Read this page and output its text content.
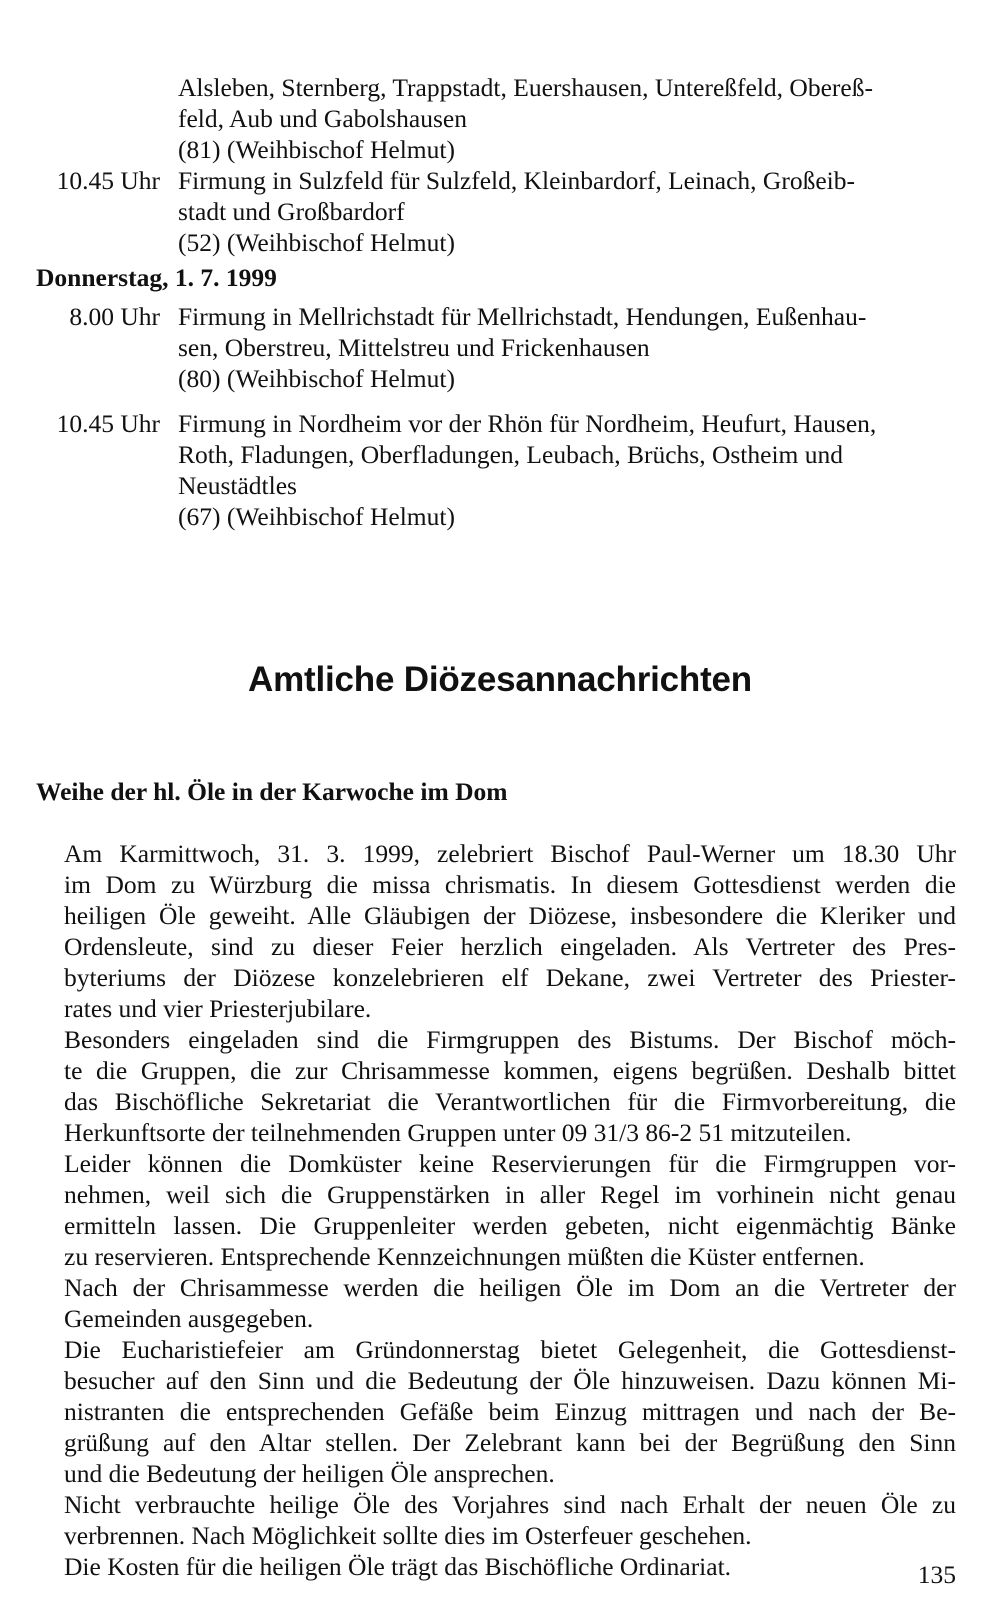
Alsleben, Sternberg, Trappstadt, Euershausen, Untereßfeld, Obereß-
feld, Aub und Gabolshausen
(81) (Weihbischof Helmut)
10.45 Uhr Firmung in Sulzfeld für Sulzfeld, Kleinbardorf, Leinach, Großeib-
stadt und Großbardorf
(52) (Weihbischof Helmut)
Donnerstag, 1. 7. 1999
8.00 Uhr Firmung in Mellrichstadt für Mellrichstadt, Hendungen, Eußenhau-
sen, Oberstreu, Mittelstreu und Frickenhausen
(80) (Weihbischof Helmut)
10.45 Uhr Firmung in Nordheim vor der Rhön für Nordheim, Heufurt, Hausen,
Roth, Fladungen, Oberfladungen, Leubach, Brüchs, Ostheim und
Neustädtles
(67) (Weihbischof Helmut)
Amtliche Diözesannachrichten
Weihe der hl. Öle in der Karwoche im Dom

Am Karmittwoch, 31. 3. 1999, zelebriert Bischof Paul-Werner um 18.30 Uhr
im Dom zu Würzburg die missa chrismatis. In diesem Gottesdienst werden die
heiligen Öle geweiht. Alle Gläubigen der Diözese, insbesondere die Kleriker und
Ordensleute, sind zu dieser Feier herzlich eingeladen. Als Vertreter des Pres-
byteriums der Diözese konzelebrieren elf Dekane, zwei Vertreter des Priester-
rates und vier Priesterjubilare.

Besonders eingeladen sind die Firmgruppen des Bistums. Der Bischof möch-
te die Gruppen, die zur Chrisammesse kommen, eigens begrüßen. Deshalb bittet
das Bischöfliche Sekretariat die Verantwortlichen für die Firmvorbereitung, die
Herkunftsorte der teilnehmenden Gruppen unter 09 31/3 86-2 51 mitzuteilen.

Leider können die Domküster keine Reservierungen für die Firmgruppen vor-
nehmen, weil sich die Gruppenstärken in aller Regel im vorhinein nicht genau
ermitteln lassen. Die Gruppenleiter werden gebeten, nicht eigenmächtig Bänke
zu reservieren. Entsprechende Kennzeichnungen müßten die Küster entfernen.

Nach der Chrisammesse werden die heiligen Öle im Dom an die Vertreter der
Gemeinden ausgegeben.

Die Eucharistiefeier am Gründonnerstag bietet Gelegenheit, die Gottesdienst-
besucher auf den Sinn und die Bedeutung der Öle hinzuweisen. Dazu können Mi-
nistranten die entsprechenden Gefäße beim Einzug mittragen und nach der Be-
grüßung auf den Altar stellen. Der Zelebrant kann bei der Begrüßung den Sinn
und die Bedeutung der heiligen Öle ansprechen.

Nicht verbrauchte heilige Öle des Vorjahres sind nach Erhalt der neuen Öle zu
verbrennen. Nach Möglichkeit sollte dies im Osterfeuer geschehen.

Die Kosten für die heiligen Öle trägt das Bischöfliche Ordinariat.	135
